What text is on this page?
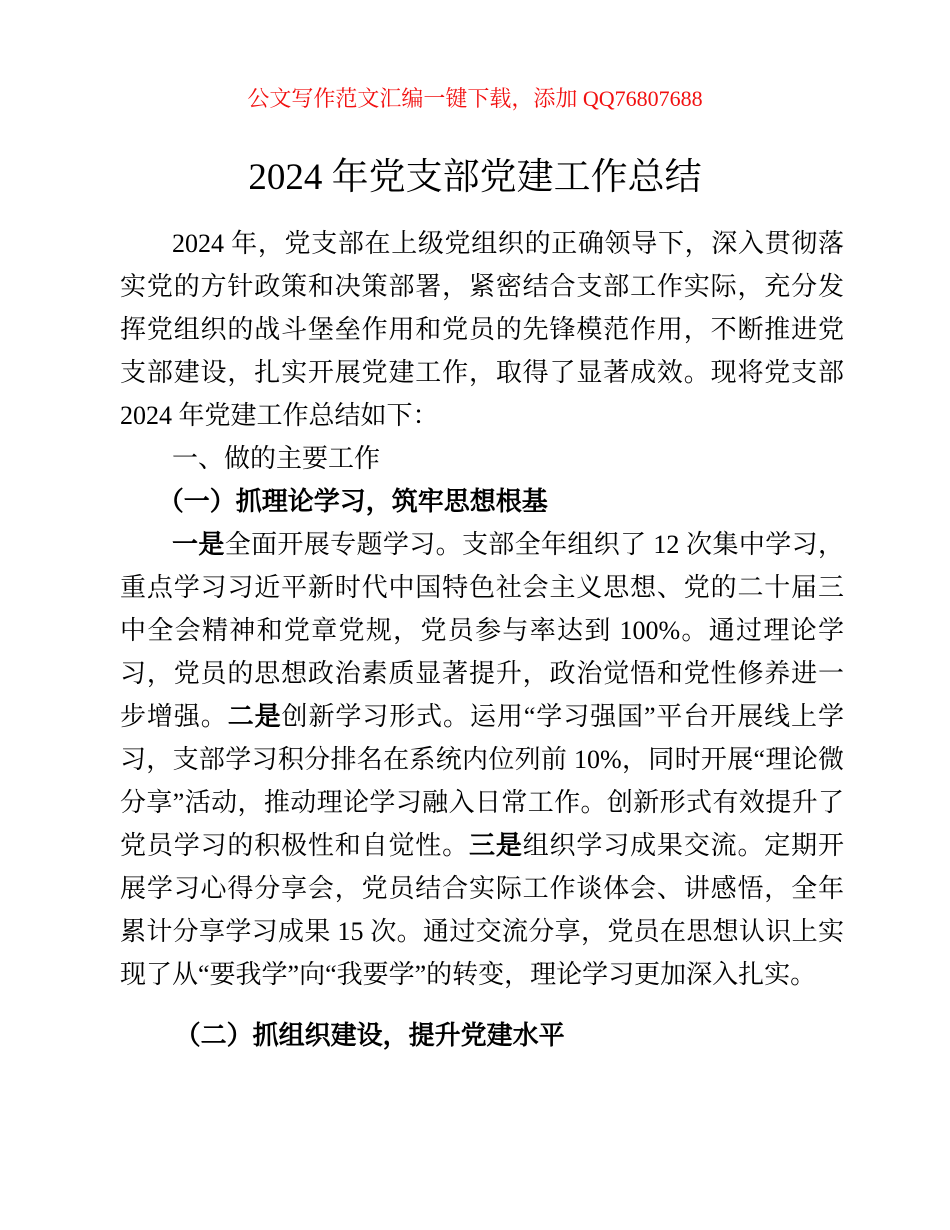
公文写作范文汇编一键下载，添加 QQ76807688
2024 年党支部党建工作总结
2024 年，党支部在上级党组织的正确领导下，深入贯彻落实党的方针政策和决策部署，紧密结合支部工作实际，充分发挥党组织的战斗堡垒作用和党员的先锋模范作用，不断推进党支部建设，扎实开展党建工作，取得了显著成效。现将党支部 2024 年党建工作总结如下：
一、做的主要工作
（一）抓理论学习，筑牢思想根基
一是全面开展专题学习。支部全年组织了 12 次集中学习，重点学习习近平新时代中国特色社会主义思想、党的二十届三中全会精神和党章党规，党员参与率达到 100%。通过理论学习，党员的思想政治素质显著提升，政治觉悟和党性修养进一步增强。二是创新学习形式。运用“学习强国”平台开展线上学习，支部学习积分排名在系统内位列前 10%，同时开展“理论微分享”活动，推动理论学习融入日常工作。创新形式有效提升了党员学习的积极性和自觉性。三是组织学习成果交流。定期开展学习心得分享会，党员结合实际工作谈体会、讲感悟，全年累计分享学习成果 15 次。通过交流分享，党员在思想认识上实现了从“要我学”向“我要学”的转变，理论学习更加深入扎实。
（二）抓组织建设，提升党建水平
